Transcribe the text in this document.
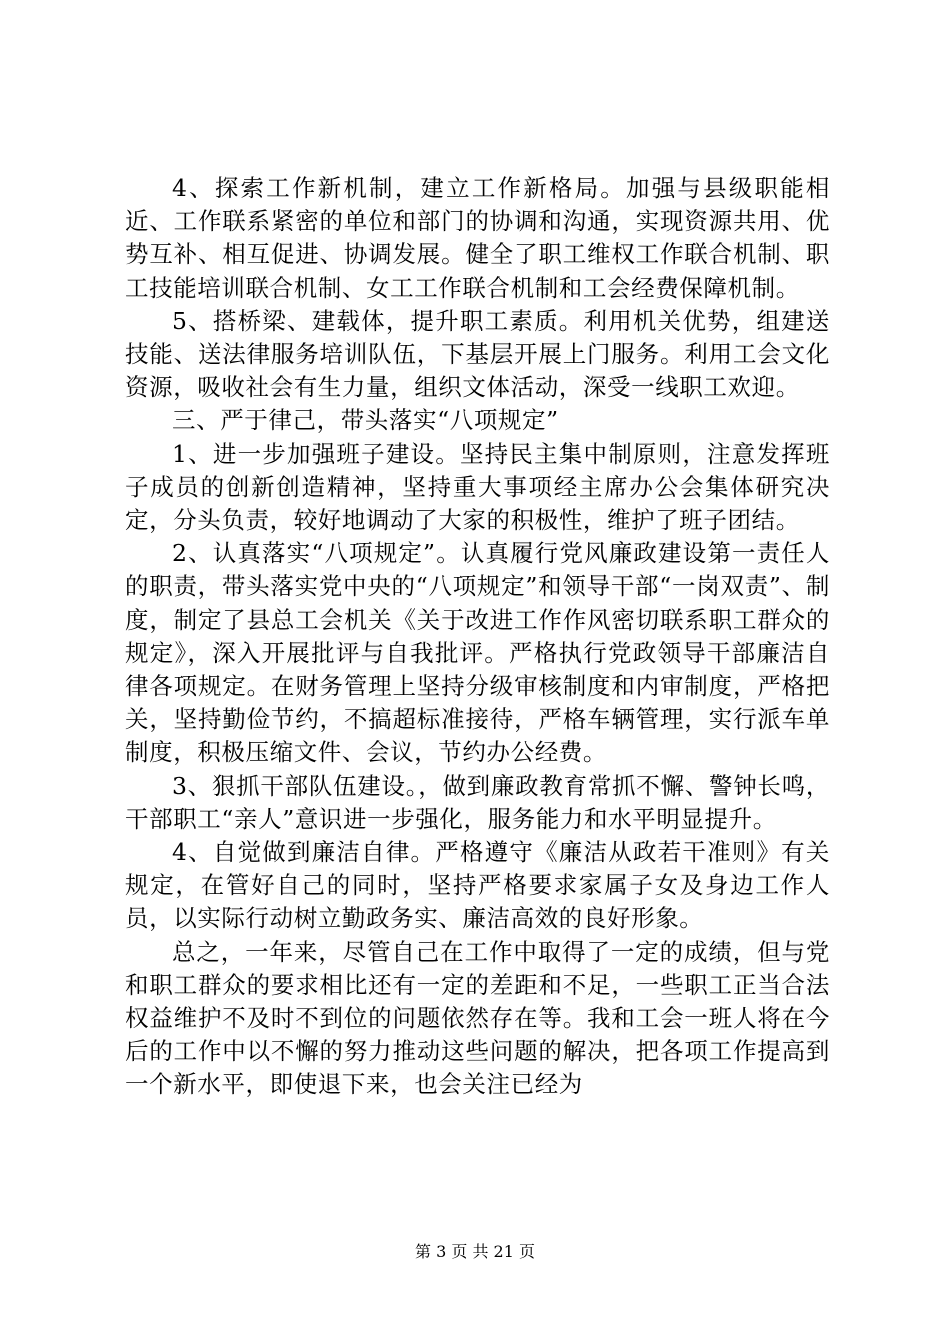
4、探索工作新机制，建立工作新格局。加强与县级职能相近、工作联系紧密的单位和部门的协调和沟通，实现资源共用、优势互补、相互促进、协调发展。健全了职工维权工作联合机制、职工技能培训联合机制、女工工作联合机制和工会经费保障机制。

5、搭桥梁、建载体，提升职工素质。利用机关优势，组建送技能、送法律服务培训队伍，下基层开展上门服务。利用工会文化资源，吸收社会有生力量，组织文体活动，深受一线职工欢迎。

三、严于律己，带头落实“八项规定”

1、进一步加强班子建设。坚持民主集中制原则，注意发挥班子成员的创新创造精神，坚持重大事项经主席办公会集体研究决定，分头负责，较好地调动了大家的积极性，维护了班子团结。

2、认真落实“八项规定”。认真履行党风廉政建设第一责任人的职责，带头落实党中央的“八项规定”和领导干部“一岗双责”、制度，制定了县总工会机关《关于改进工作作风密切联系职工群众的规定》，深入开展批评与自我批评。严格执行党政领导干部廉洁自律各项规定。在财务管理上坚持分级审核制度和内审制度，严格把关，坚持勤俭节约，不搞超标准接待，严格车辆管理，实行派车单制度，积极压缩文件、会议，节约办公经费。

3、狠抓干部队伍建设。，做到廉政教育常抓不懈、警钟长鸣，干部职工“亲人”意识进一步强化，服务能力和水平明显提升。

4、自觉做到廉洁自律。严格遵守《廉洁从政若干准则》有关规定，在管好自己的同时，坚持严格要求家属子女及身边工作人员，以实际行动树立勤政务实、廉洁高效的良好形象。

总之，一年来，尽管自己在工作中取得了一定的成绩，但与党和职工群众的要求相比还有一定的差距和不足，一些职工正当合法权益维护不及时不到位的问题依然存在等。我和工会一班人将在今后的工作中以不懈的努力推动这些问题的解决，把各项工作提高到一个新水平，即使退下来，也会关注已经为

第 3 页 共 21 页
